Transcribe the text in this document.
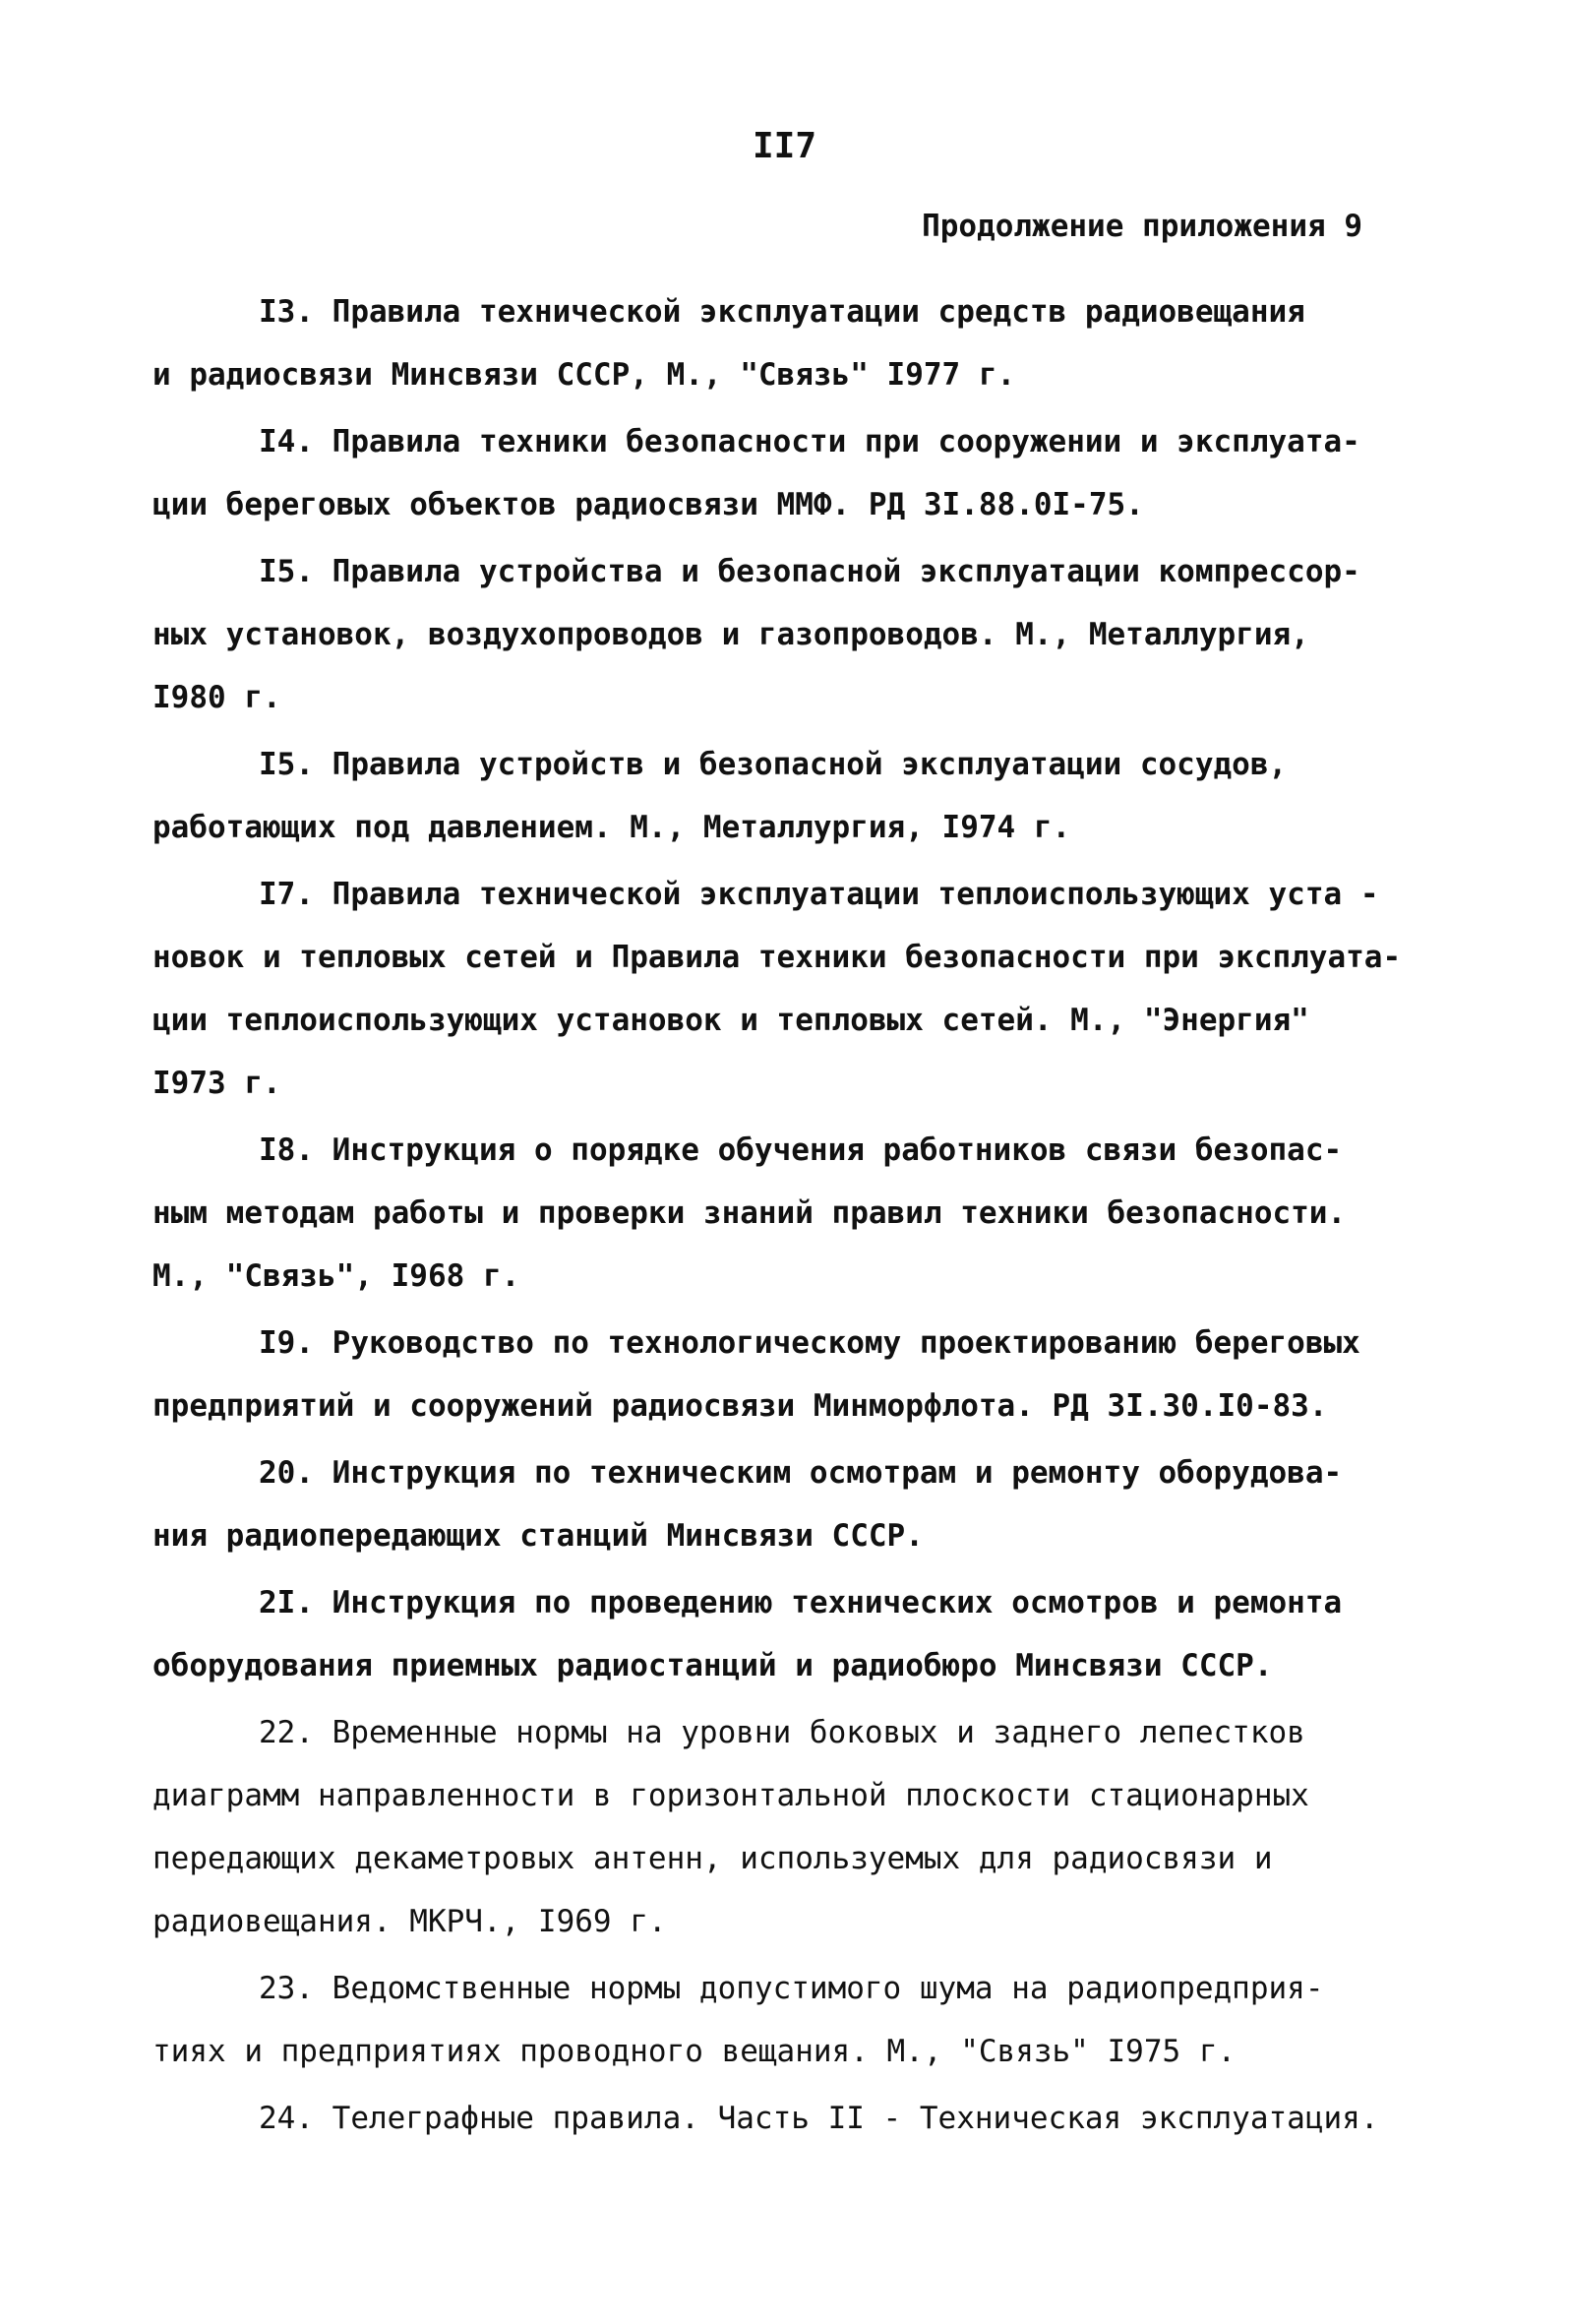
II7
Продолжение приложения 9
I3. Правила технической эксплуатации средств радиовещания
и радиосвязи Минсвязи СССР, М., "Связь" I977 г.
I4. Правила техники безопасности при сооружении и эксплуата-
ции береговых объектов радиосвязи ММФ. РД 3I.88.0I-75.
I5. Правила устройства и безопасной эксплуатации компрессор-
ных установок, воздухопроводов и газопроводов. М., Металлургия,
I980 г.
I5. Правила устройств и безопасной эксплуатации сосудов,
работающих под давлением. М., Металлургия, I974 г.
I7. Правила технической эксплуатации теплоиспользующих уста -
новок и тепловых сетей и Правила техники безопасности при эксплуата-
ции теплоиспользующих установок и тепловых сетей. М., "Энергия"
I973 г.
I8. Инструкция о порядке обучения работников связи безопас-
ным методам работы и проверки знаний правил техники безопасности.
М., "Связь", I968 г.
I9. Руководство по технологическому проектированию береговых
предприятий и сооружений радиосвязи Минморфлота. РД 3I.30.I0-83.
20. Инструкция по техническим осмотрам и ремонту оборудова-
ния радиопередающих станций Минсвязи СССР.
2I. Инструкция по проведению технических осмотров и ремонта
оборудования приемных радиостанций и радиобюро Минсвязи СССР.
22. Временные нормы на уровни боковых и заднего лепестков
диаграмм направленности в горизонтальной плоскости стационарных
передающих декаметровых антенн, используемых для радиосвязи и
радиовещания. МКРЧ., I969 г.
23. Ведомственные нормы допустимого шума на радиопредприя-
тиях и предприятиях проводного вещания. М., "Связь" I975 г.
24. Телеграфные правила. Часть II - Техническая эксплуатация.
